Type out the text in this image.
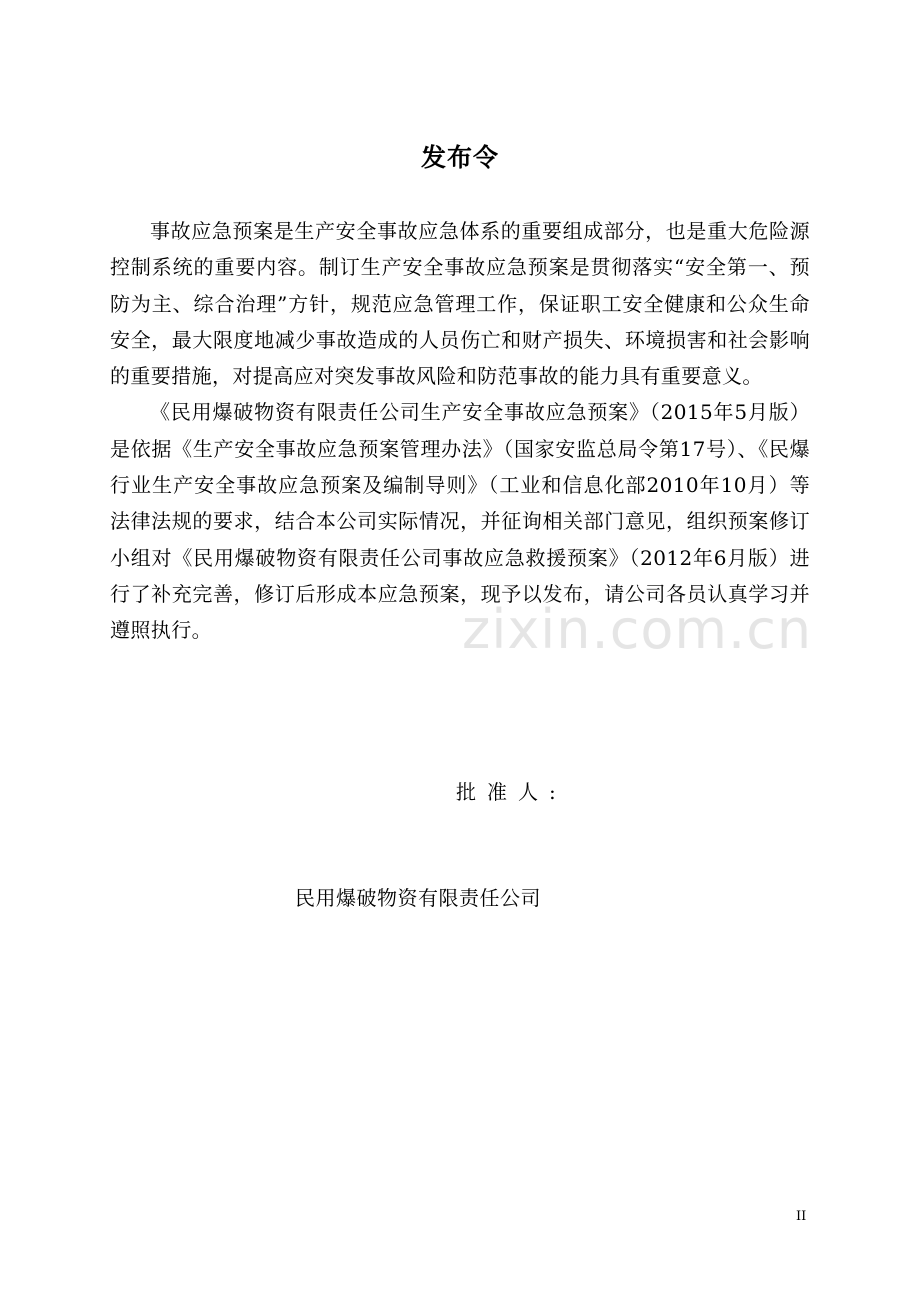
发布令

事故应急预案是生产安全事故应急体系的重要组成部分，也是重大危险源控制系统的重要内容。制订生产安全事故应急预案是贯彻落实“安全第一、预防为主、综合治理”方针，规范应急管理工作，保证职工安全健康和公众生命安全，最大限度地减少事故造成的人员伤亡和财产损失、环境损害和社会影响的重要措施，对提高应对突发事故风险和防范事故的能力具有重要意义。

《民用爆破物资有限责任公司生产安全事故应急预案》（2015年5月版）是依据《生产安全事故应急预案管理办法》（国家安监总局令第17号）、《民爆行业生产安全事故应急预案及编制导则》（工业和信息化部2010年10月）等法律法规的要求，结合本公司实际情况，并征询相关部门意见，组织预案修订小组对《民用爆破物资有限责任公司事故应急救援预案》（2012年6月版）进行了补充完善，修订后形成本应急预案，现予以发布，请公司各员认真学习并遵照执行。	zixin.com.cn
批准人:
民用爆破物资有限责任公司
II
